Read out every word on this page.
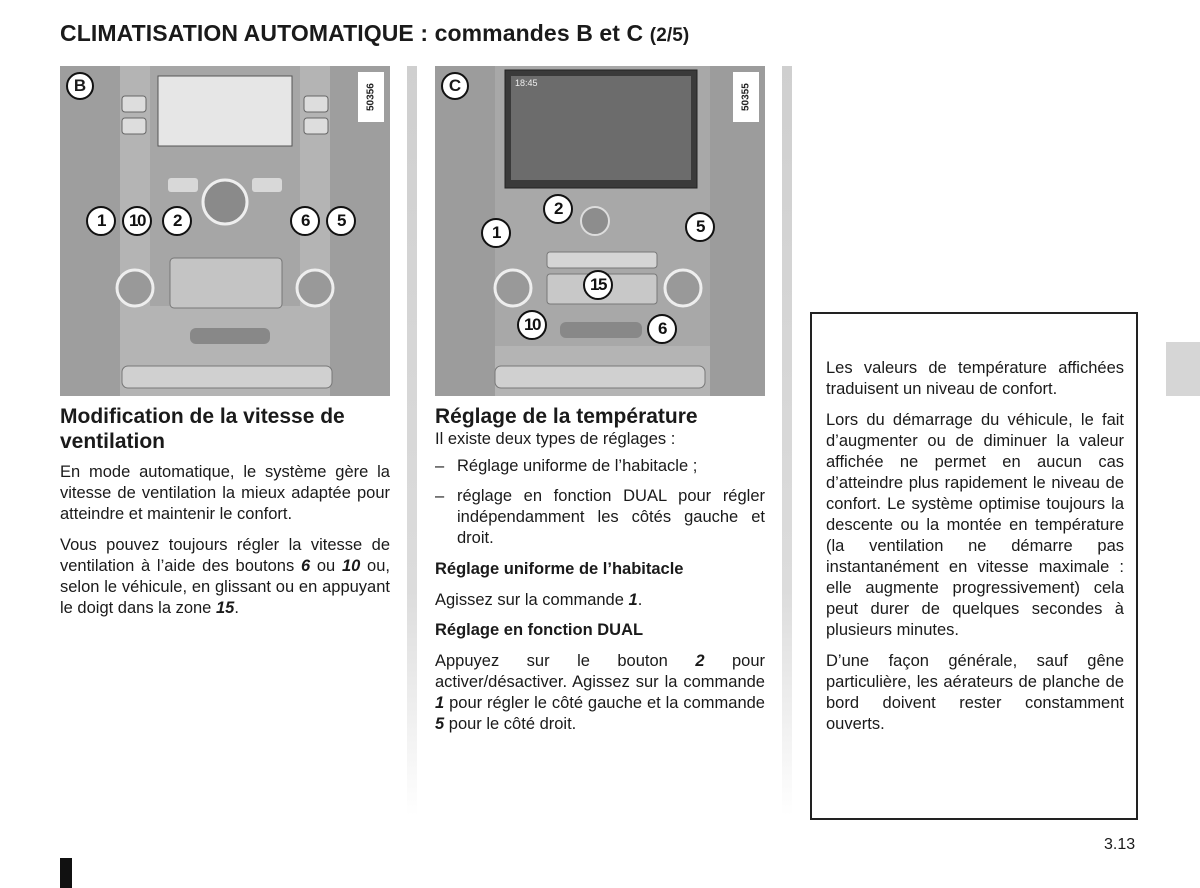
CLIMATISATION AUTOMATIQUE : commandes B et C (2/5)
50356
B
1	10	2	6	5
18:45
50355
C
2
1	5
15
10	6
Modification de la vitesse de ventilation

En mode automatique, le système gère la vitesse de ventilation la mieux adaptée pour atteindre et maintenir le confort.

Vous pouvez toujours régler la vitesse de ventilation à l’aide des boutons 6 ou 10 ou, selon le véhicule, en glissant ou en appuyant le doigt dans la zone 15.

Réglage de la température

Il existe deux types de réglages :

– Réglage uniforme de l’habitacle ;
– réglage en fonction DUAL pour régler indépendamment les côtés gauche et droit.

Réglage uniforme de l’habitacle

Agissez sur la commande 1.

Réglage en fonction DUAL

Appuyez sur le bouton 2 pour activer/désactiver. Agissez sur la commande 1 pour régler le côté gauche et la commande 5 pour le côté droit.

Les valeurs de température affichées traduisent un niveau de confort.

Lors du démarrage du véhicule, le fait d’augmenter ou de diminuer la valeur affichée ne permet en aucun cas d’atteindre plus rapidement le niveau de confort. Le système optimise toujours la descente ou la montée en température (la ventilation ne démarre pas instantanément en vitesse maximale : elle augmente progressivement) cela peut durer de quelques secondes à plusieurs minutes.

D’une façon générale, sauf gêne particulière, les aérateurs de planche de bord doivent rester constamment ouverts.

3.13
